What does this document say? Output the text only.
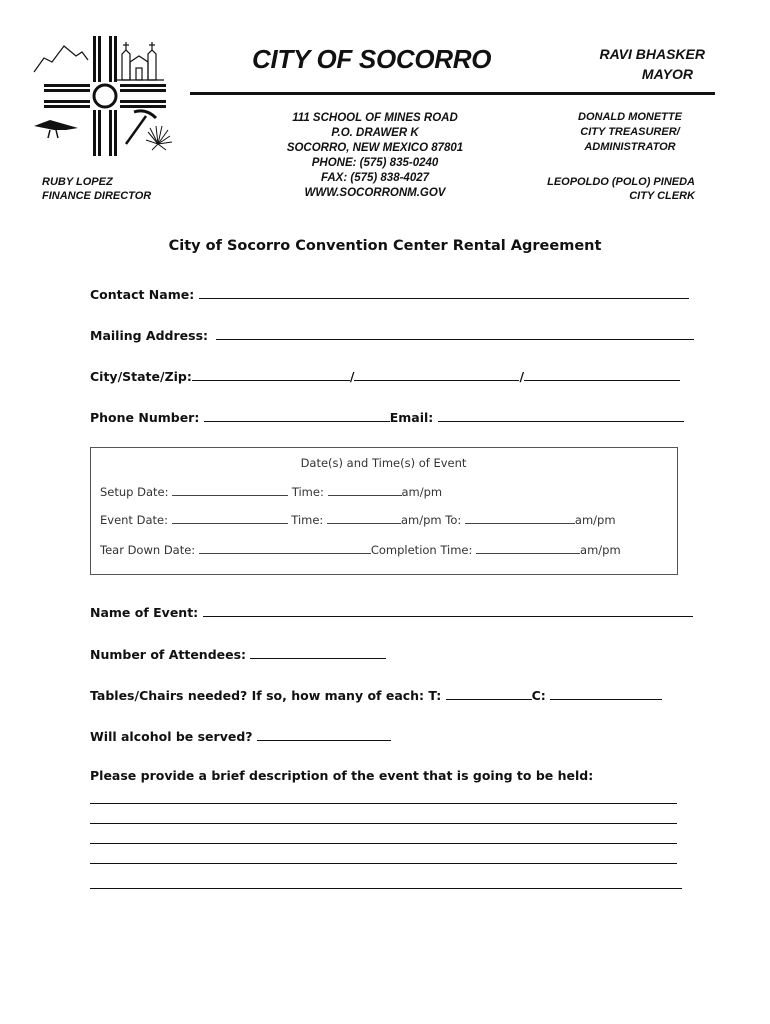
CITY OF SOCORRO
111 SCHOOL OF MINES ROAD
P.O. DRAWER K
SOCORRO, NEW MEXICO 87801
PHONE: (575) 835-0240
FAX: (575) 838-4027
WWW.SOCORRONM.GOV
RAVI BHASKER
MAYOR
DONALD MONETTE
CITY TREASURER/
ADMINISTRATOR
LEOPOLDO (POLO) PINEDA
CITY CLERK
RUBY LOPEZ
FINANCE DIRECTOR
City of Socorro Convention Center Rental Agreement
Contact Name:
Mailing Address:
City/State/Zip:	/	/
Phone Number:	Email:
Date(s) and Time(s) of Event
Setup Date:	Time:	am/pm
Event Date:	Time:	am/pm To:	am/pm
Tear Down Date:	Completion Time:	am/pm
Name of Event:
Number of Attendees:
Tables/Chairs needed? If so, how many of each: T:	C:
Will alcohol be served?
Please provide a brief description of the event that is going to be held:
